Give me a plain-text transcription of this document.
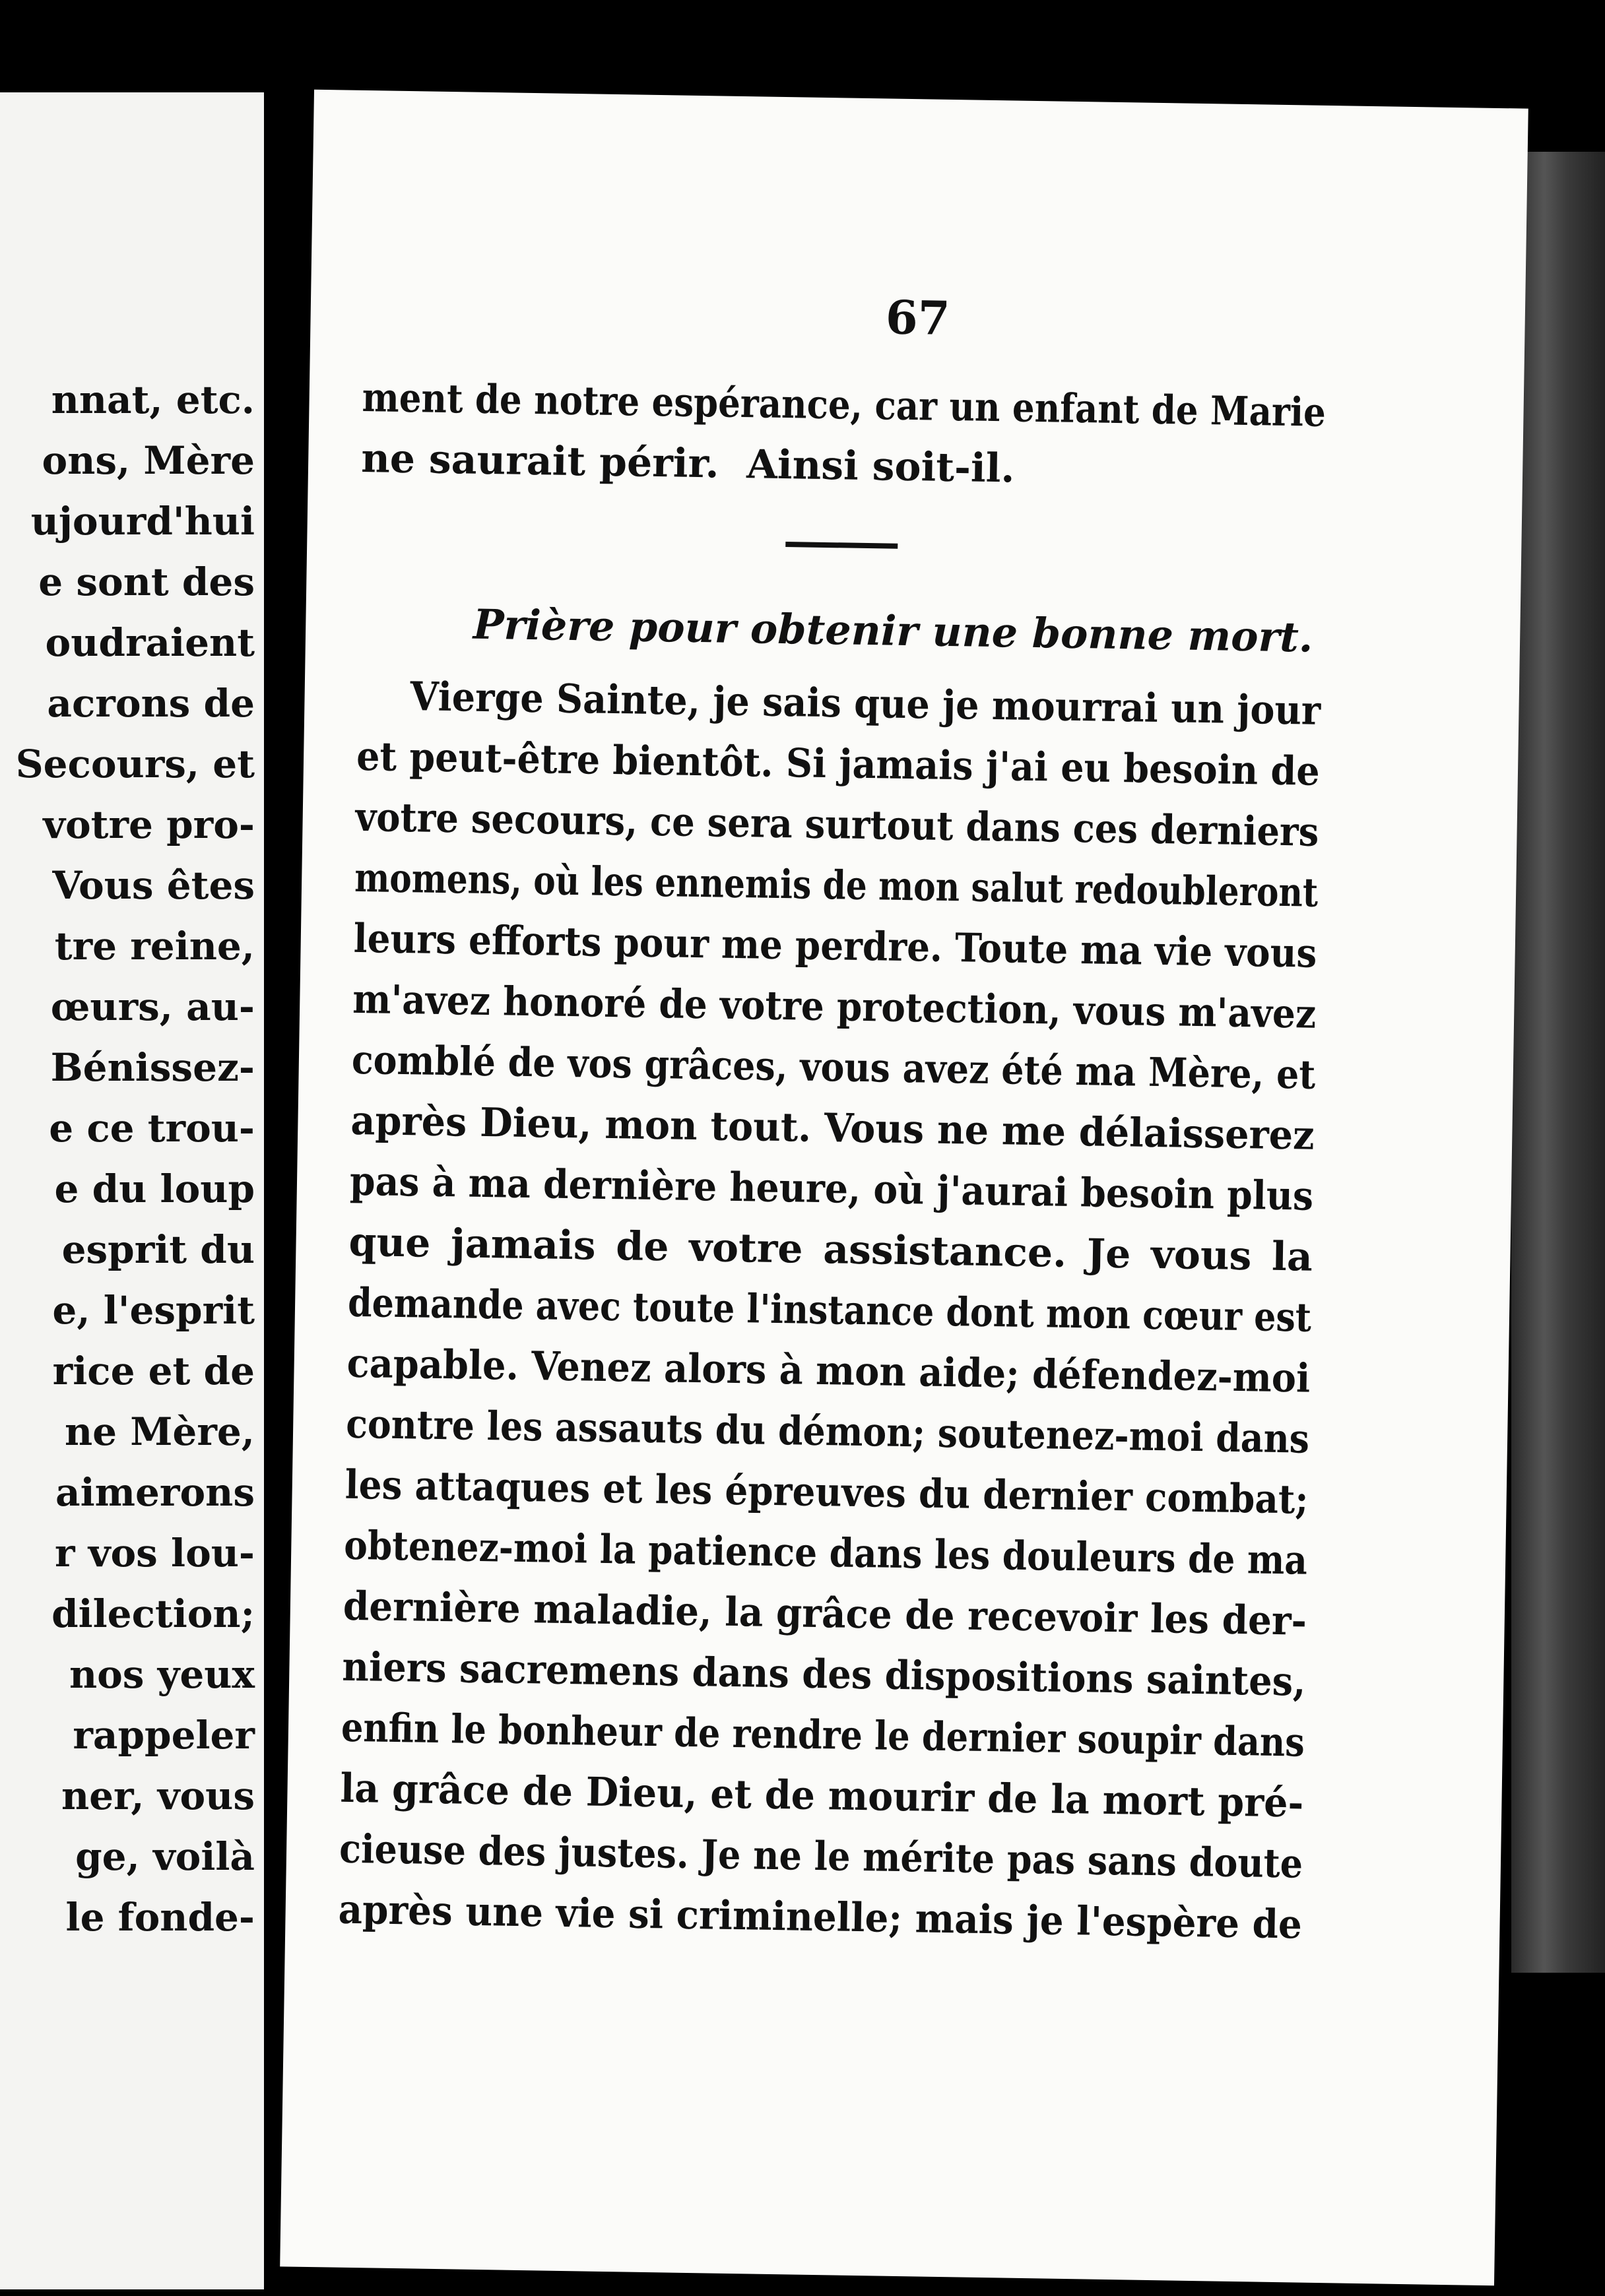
nnat, etc.
ons, Mère
ujourd'hui
e sont des
oudraient
acrons de
Secours, et
votre pro-
Vous êtes
tre reine,
œurs, au-
Bénissez-
e ce trou-
e du loup
esprit du
e, l'esprit
rice et de
ne Mère,
aimerons
r vos lou-
dilection;
nos yeux
rappeler
ner, vous
ge, voilà
le fonde-
67
ment de notre espérance, car un enfant de Marie
ne saurait périr.  Ainsi soit-il.
Prière pour obtenir une bonne mort.
Vierge Sainte, je sais que je mourrai un jour
et peut-être bientôt. Si jamais j'ai eu besoin de
votre secours, ce sera surtout dans ces derniers
momens, où les ennemis de mon salut redoubleront
leurs efforts pour me perdre. Toute ma vie vous
m'avez honoré de votre protection, vous m'avez
comblé de vos grâces, vous avez été ma Mère, et
après Dieu, mon tout. Vous ne me délaisserez
pas à ma dernière heure, où j'aurai besoin plus
que jamais de votre assistance. Je vous la
demande avec toute l'instance dont mon cœur est
capable. Venez alors à mon aide; défendez-moi
contre les assauts du démon; soutenez-moi dans
les attaques et les épreuves du dernier combat;
obtenez-moi la patience dans les douleurs de ma
dernière maladie, la grâce de recevoir les der-
niers sacremens dans des dispositions saintes,
enfin le bonheur de rendre le dernier soupir dans
la grâce de Dieu, et de mourir de la mort pré-
cieuse des justes. Je ne le mérite pas sans doute
après une vie si criminelle; mais je l'espère de
